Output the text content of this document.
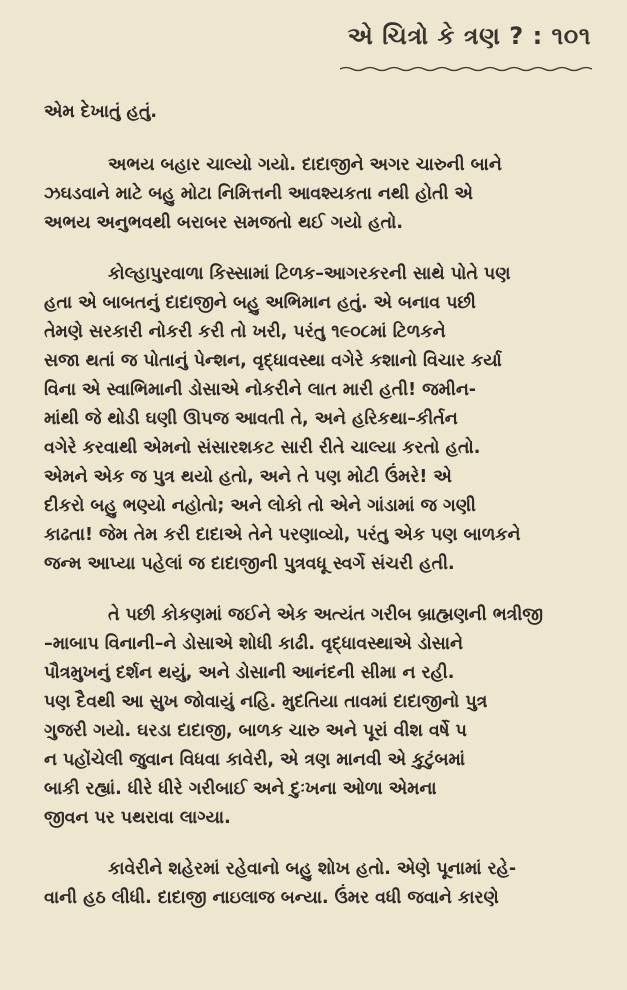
એ ચિત્રો કે ત્રણ ? : ૧૦૧

એમ દેખાતું હતું.

અભય બહાર ચાલ્યો ગયો. દાદાજીને અગર ચારુની બાને
ઝઘડવાને માટે બહુ મોટા નિમિત્તની આવશ્યકતા નથી હોતી એ
અભય અનુભવથી બરાબર સમજતો થઈ ગયો હતો.

કોલ્હાપુરવાળા કિસ્સામાં ટિળક–આગરકરની સાથે પોતે પણ
હતા એ બાબતનું દાદાજીને બહુ અભિમાન હતું. એ બનાવ પછી
તેમણે સરકારી નોકરી કરી તો ખરી, પરંતુ ૧૯૦૮માં ટિળકને
સજા થતાં જ પોતાનું પેન્શન, વૃદ્ધાવસ્થા વગેરે કશાનો વિચાર કર્યા
વિના એ સ્વાભિમાની ડોસાએ નોકરીને લાત મારી હતી! જમીન-
માંથી જે થોડી ઘણી ઊપજ આવતી તે, અને હરિકથા–કીર્તન
વગેરે કરવાથી એમનો સંસારશકટ સારી રીતે ચાલ્યા કરતો હતો.
એમને એક જ પુત્ર થયો હતો, અને તે પણ મોટી ઉંમરે! એ
દીકરો બહુ ભણ્યો નહોતો; અને લોકો તો એને ગાંડામાં જ ગણી
કાઢતા! જેમ તેમ કરી દાદાએ તેને પરણાવ્યો, પરંતુ એક પણ બાળકને
જન્મ આપ્યા પહેલાં જ દાદાજીની પુત્રવધૂ સ્વર્ગે સંચરી હતી.

તે પછી કોકણમાં જઈને એક અત્યંત ગરીબ બ્રાહ્મણની ભત્રીજી
–માબાપ વિનાની–ને ડોસાએ શોધી કાઢી. વૃદ્ધાવસ્થાએ ડોસાને
પૌત્રમુખનું દર્શન થયું, અને ડોસાની આનંદની સીમા ન રહી.
પણ દૈવથી આ સુખ જોવાયું નહિ. મુદતિયા તાવમાં દાદાજીનો પુત્ર
ગુજરી ગયો. ઘરડા દાદાજી, બાળક ચારુ અને પૂરાં વીશ વર્ષે પ
ન પહોંચેલી જુવાન વિધવા કાવેરી, એ ત્રણ માનવી એ કુટુંબમાં
બાકી રહ્યાં. ધીરે ધીરે ગરીબાઈ અને દુઃખના ઓળા એમના
જીવન પર પથરાવા લાગ્યા.

કાવેરીને શહેરમાં રહેવાનો બહુ શોખ હતો. એણે પૂનામાં રહે-
વાની હઠ લીધી. દાદાજી નાઇલાજ બન્યા. ઉંમર વધી જવાને કારણે
